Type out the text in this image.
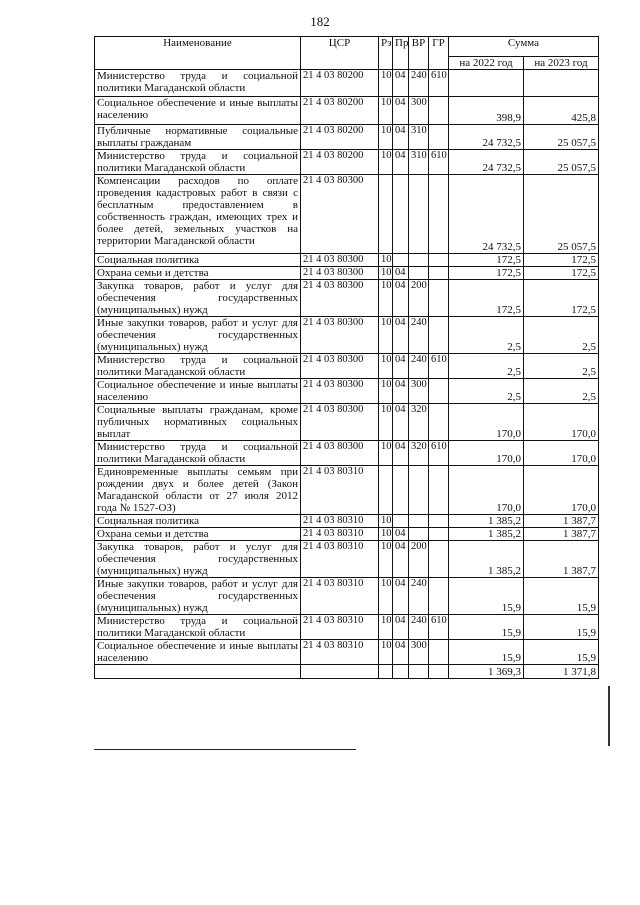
182
Наименование	ЦСР	Рз	Пр	ВР	ГР	Сумма	
						на 2022 год	на 2023 год
Министерство труда и социальной политики Магаданской области	21 4 03 80200	10	04	240	610		
Социальное обеспечение и иные выплаты населению	21 4 03 80200	10	04	300		398,9	425,8
Публичные нормативные социальные выплаты гражданам	21 4 03 80200	10	04	310		24 732,5	25 057,5
Министерство труда и социальной политики Магаданской области	21 4 03 80200	10	04	310	610	24 732,5	25 057,5
Компенсации расходов по оплате проведения кадастровых работ в связи с бесплатным предоставлением в собственность граждан, имеющих трех и более детей, земельных участков на территории Магаданской области	21 4 03 80300					24 732,5	25 057,5
Социальная политика	21 4 03 80300	10				172,5	172,5
Охрана семьи и детства	21 4 03 80300	10	04			172,5	172,5
Закупка товаров, работ и услуг для обеспечения государственных (муниципальных) нужд	21 4 03 80300	10	04	200		172,5	172,5
Иные закупки товаров, работ и услуг для обеспечения государственных (муниципальных) нужд	21 4 03 80300	10	04	240		2,5	2,5
Министерство труда и социальной политики Магаданской области	21 4 03 80300	10	04	240	610	2,5	2,5
Социальное обеспечение и иные выплаты населению	21 4 03 80300	10	04	300		2,5	2,5
Социальные выплаты гражданам, кроме публичных нормативных социальных выплат	21 4 03 80300	10	04	320		170,0	170,0
Министерство труда и социальной политики Магаданской области	21 4 03 80300	10	04	320	610	170,0	170,0
Единовременные выплаты семьям при рождении двух и более детей (Закон Магаданской области от 27 июля 2012 года № 1527-ОЗ)	21 4 03 80310					170,0	170,0
Социальная политика	21 4 03 80310	10				1 385,2	1 387,7
Охрана семьи и детства	21 4 03 80310	10	04			1 385,2	1 387,7
Закупка товаров, работ и услуг для обеспечения государственных (муниципальных) нужд	21 4 03 80310	10	04	200		1 385,2	1 387,7
Иные закупки товаров, работ и услуг для обеспечения государственных (муниципальных) нужд	21 4 03 80310	10	04	240		15,9	15,9
Министерство труда и социальной политики Магаданской области	21 4 03 80310	10	04	240	610	15,9	15,9
Социальное обеспечение и иные выплаты населению	21 4 03 80310	10	04	300		15,9	15,9
						1 369,3	1 371,8
